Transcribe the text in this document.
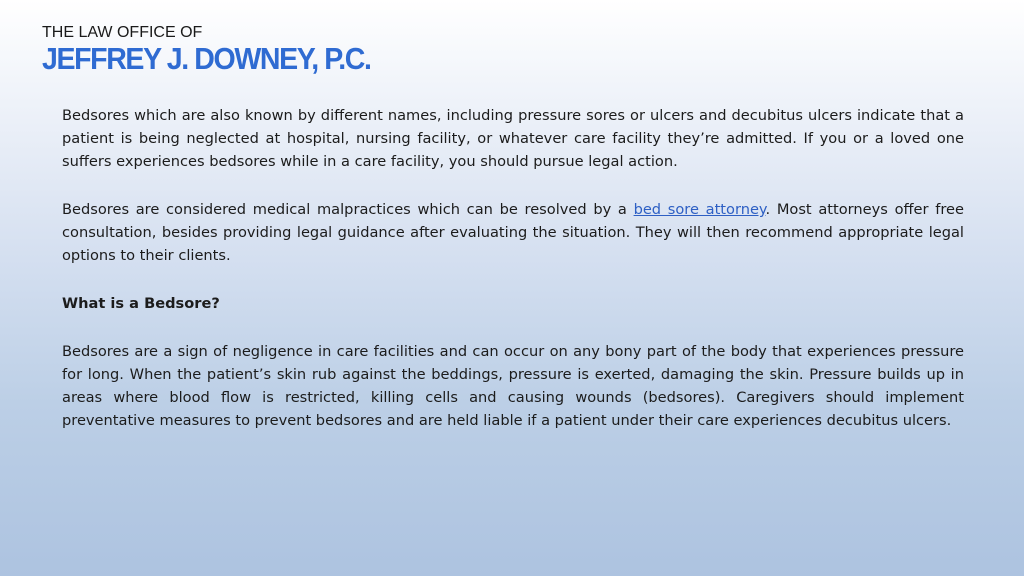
THE LAW OFFICE OF
JEFFREY J. DOWNEY, P.C.

Bedsores which are also known by different names, including pressure sores or ulcers and decubitus ulcers indicate that a patient is being neglected at hospital, nursing facility, or whatever care facility they’re admitted. If you or a loved one suffers experiences bedsores while in a care facility, you should pursue legal action.

Bedsores are considered medical malpractices which can be resolved by a bed sore attorney. Most attorneys offer free consultation, besides providing legal guidance after evaluating the situation. They will then recommend appropriate legal options to their clients.

What is a Bedsore?

Bedsores are a sign of negligence in care facilities and can occur on any bony part of the body that experiences pressure for long. When the patient’s skin rub against the beddings, pressure is exerted, damaging the skin. Pressure builds up in areas where blood flow is restricted, killing cells and causing wounds (bedsores). Caregivers should implement preventative measures to prevent bedsores and are held liable if a patient under their care experiences decubitus ulcers.
